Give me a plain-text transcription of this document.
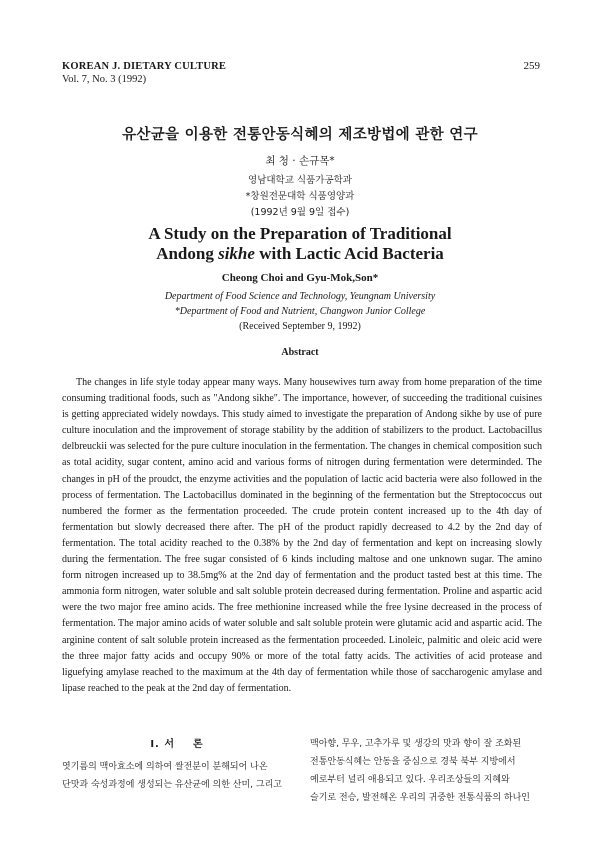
KOREAN J. DIETARY CULTURE
Vol. 7, No. 3 (1992)
259
유산균을 이용한 전통안동식혜의 제조방법에 관한 연구
최 청 · 손규목*
영남대학교 식품가공학과
*창원전문대학 식품영양과
(1992년 9월 9일 접수)
A Study on the Preparation of Traditional
Andong sikhe with Lactic Acid Bacteria
Cheong Choi and Gyu-Mok,Son*
Department of Food Science and Technology, Yeungnam University
*Department of Food and Nutrient, Changwon Junior College
(Received September 9, 1992)
Abstract

The changes in life style today appear many ways. Many housewives turn away from home preparation of the time consuming traditional foods, such as "Andong sikhe". The importance, however, of succeeding the traditional cuisines is getting appreciated widely nowdays. This study aimed to investigate the preparation of Andong sikhe by use of pure culture inoculation and the improvement of storage stability by the addition of stabilizers to the product. Lactobacillus delbreuckii was selected for the pure culture inoculation in the fermentation. The changes in chemical composition such as total acidity, sugar content, amino acid and various forms of nitrogen during fermentation were determinded. The changes in pH of the proudct, the enzyme activities and the population of lactic acid bacteria were also followed in the process of fermentation. The Lactobacillus dominated in the beginning of the fermentation but the Streptococcus out numbered the former as the fermentation proceeded. The crude protein content increased up to the 4th day of fermentation but slowly decreased there after. The pH of the product rapidly decreased to 4.2 by the 2nd day of fermentation. The total acidity reached to the 0.38% by the 2nd day of fermentation and kept on increasing slowly during the fermentation. The free sugar consisted of 6 kinds including maltose and one unknown sugar. The amino form nitrogen increased up to 38.5mg% at the 2nd day of fermentation and the product tasted best at this time. The ammonia form nitrogen, water soluble and salt soluble protein decreased during fermentation. Proline and aspartic acid were the two major free amino acids. The free methionine increased while the free lysine decreased in the process of fermentation. The major amino acids of water soluble and salt soluble protein were glutamic acid and aspartic acid. The arginine content of salt soluble protein increased as the fermentation proceeded. Linoleic, palmitic and oleic acid were the three major fatty acids and occupy 90% or more of the total fatty acids. The activities of acid protease and liguefying amylase reached to the maximum at the 4th day of fermentation while those of saccharogenic amylase and lipase reached to the peak at the 2nd day of fermentation.

I. 서 론
엿기름의 맥아효소에 의하여 쌀전분이 분해되어 나온
단맛과 숙성과정에 생성되는 유산균에 의한 산미, 그리고
맥아향, 무우, 고추가루 및 생강의 맛과 향이 잘 조화된
전통안동식혜는 안동을 중심으로 경북 북부 지방에서
예로부터 널리 애용되고 있다. 우리조상들의 지혜와
슬기로 전승, 발전해온 우리의 귀중한 전통식품의 하나인
